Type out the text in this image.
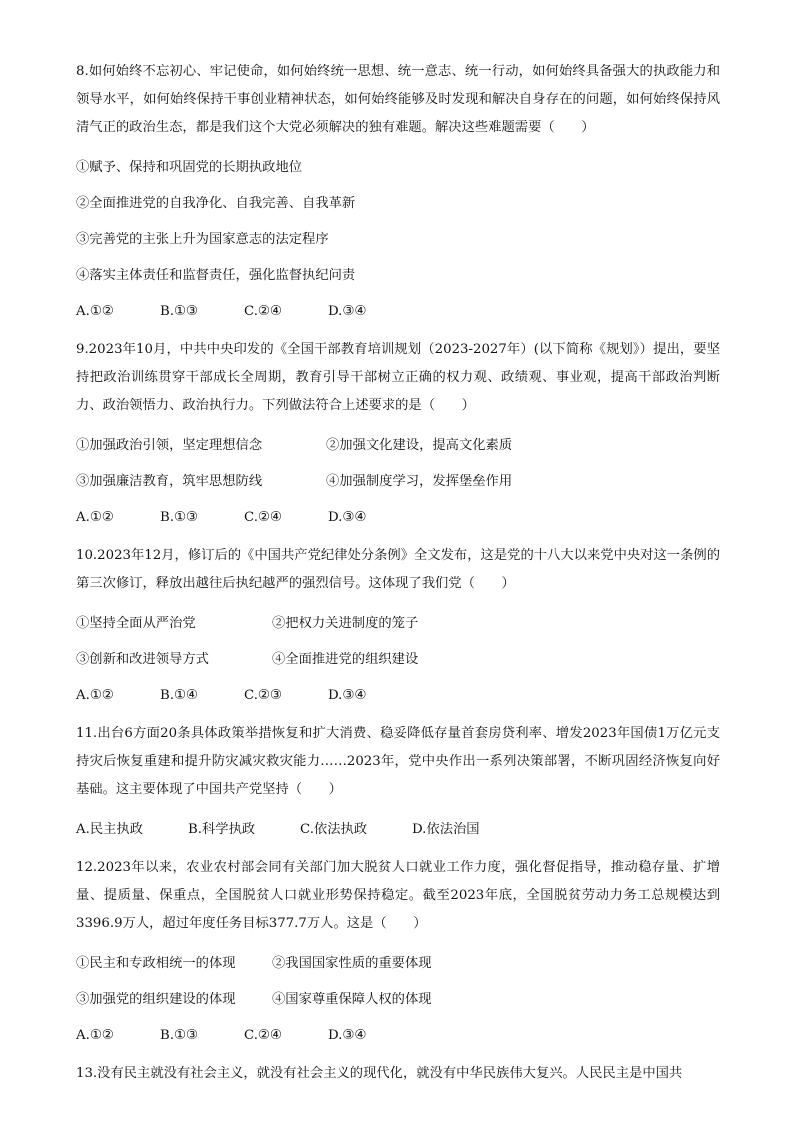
8.如何始终不忘初心、牢记使命，如何始终统一思想、统一意志、统一行动，如何始终具备强大的执政能力和领导水平，如何始终保持干事创业精神状态，如何始终能够及时发现和解决自身存在的问题，如何始终保持风清气正的政治生态，都是我们这个大党必须解决的独有难题。解决这些难题需要（　　）

①赋予、保持和巩固党的长期执政地位
②全面推进党的自我净化、自我完善、自我革新
③完善党的主张上升为国家意志的法定程序
④落实主体责任和监督责任，强化监督执纪问责
A.①②	B.①③	C.②④	D.③④

9.2023年10月，中共中央印发的《全国干部教育培训规划（2023-2027年）(以下简称《规划》）提出，要坚持把政治训练贯穿干部成长全周期，教育引导干部树立正确的权力观、政绩观、事业观，提高干部政治判断力、政治领悟力、政治执行力。下列做法符合上述要求的是（　　）

①加强政治引领，坚定理想信念	②加强文化建设，提高文化素质
③加强廉洁教育，筑牢思想防线	④加强制度学习，发挥堡垒作用
A.①②	B.①③	C.②④	D.③④

10.2023年12月，修订后的《中国共产党纪律处分条例》全文发布，这是党的十八大以来党中央对这一条例的第三次修订，释放出越往后执纪越严的强烈信号。这体现了我们党（　　）

①坚持全面从严治党	②把权力关进制度的笼子
③创新和改进领导方式	④全面推进党的组织建设
A.①②	B.①④	C.②③	D.③④

11.出台6方面20条具体政策举措恢复和扩大消费、稳妥降低存量首套房贷利率、增发2023年国债1万亿元支持灾后恢复重建和提升防灾减灾救灾能力……2023年，党中央作出一系列决策部署，不断巩固经济恢复向好基础。这主要体现了中国共产党坚持（　　）

A.民主执政	B.科学执政	C.依法执政	D.依法治国

12.2023年以来，农业农村部会同有关部门加大脱贫人口就业工作力度，强化督促指导，推动稳存量、扩增量、提质量、保重点，全国脱贫人口就业形势保持稳定。截至2023年底，全国脱贫劳动力务工总规模达到3396.9万人，超过年度任务目标377.7万人。这是（　　）

①民主和专政相统一的体现	②我国国家性质的重要体现
③加强党的组织建设的体现	④国家尊重保障人权的体现
A.①②	B.①③	C.②④	D.③④

13.没有民主就没有社会主义，就没有社会主义的现代化，就没有中华民族伟大复兴。人民民主是中国共
